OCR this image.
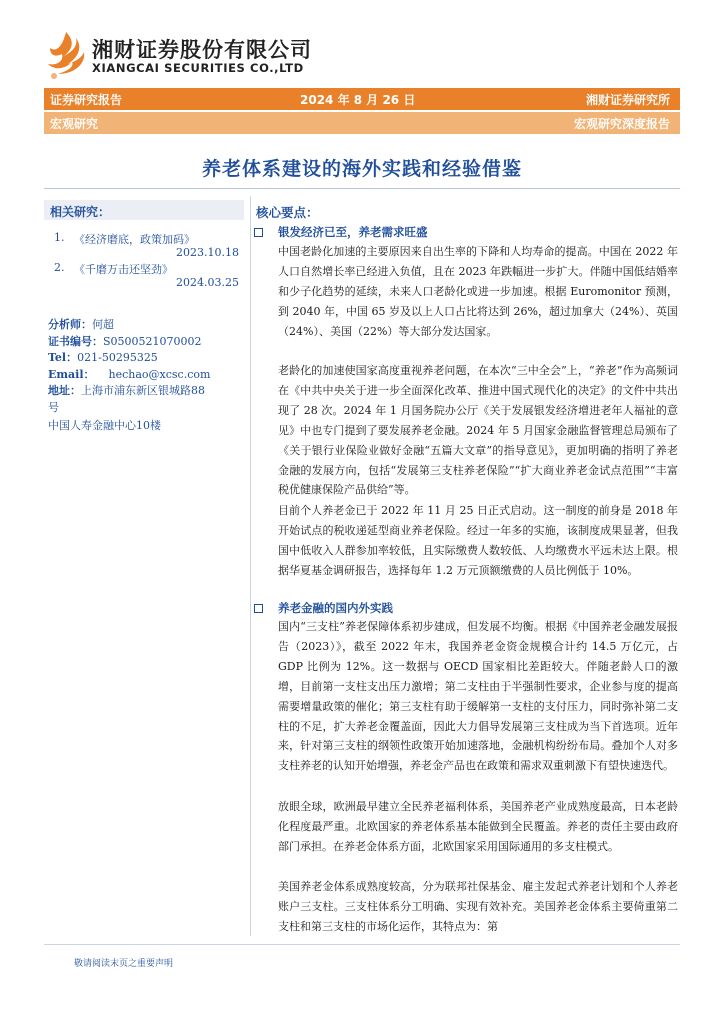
湘财证券股份有限公司
XIANGCAI SECURITIES CO.,LTD
证券研究报告	2024 年 8 月 26 日	湘财证券研究所
宏观研究	宏观研究深度报告
养老体系建设的海外实践和经验借鉴
相关研究：
1. 《经济磨底，政策加码》
2023.10.18
2. 《千磨万击还坚劲》
2024.03.25
分析师：何超
证书编号：S0500521070002
Tel：021-50295325
Email： hechao@xcsc.com
地址：上海市浦东新区银城路88
号
中国人寿金融中心10楼
核心要点：
银发经济已至，养老需求旺盛
中国老龄化加速的主要原因来自出生率的下降和人均寿命的提高。中国在 2022 年人口自然增长率已经进入负值，且在 2023 年跌幅进一步扩大。伴随中国低结婚率和少子化趋势的延续，未来人口老龄化或进一步加速。根据 Euromonitor 预测，到 2040 年，中国 65 岁及以上人口占比将达到 26%，超过加拿大（24%）、英国（24%）、美国（22%）等大部分发达国家。
老龄化的加速使国家高度重视养老问题，在本次“三中全会”上，“养老”作为高频词在《中共中央关于进一步全面深化改革、推进中国式现代化的决定》的文件中共出现了 28 次。2024 年 1 月国务院办公厅《关于发展银发经济增进老年人福祉的意见》中也专门提到了要发展养老金融。2024 年 5 月国家金融监督管理总局颁布了《关于银行业保险业做好金融“五篇大文章”的指导意见》，更加明确的指明了养老金融的发展方向，包括“发展第三支柱养老保险”“扩大商业养老金试点范围”“丰富税优健康保险产品供给”等。
目前个人养老金已于 2022 年 11 月 25 日正式启动。这一制度的前身是 2018 年开始试点的税收递延型商业养老保险。经过一年多的实施，该制度成果显著，但我国中低收入人群参加率较低，且实际缴费人数较低、人均缴费水平远未达上限。根据华夏基金调研报告，选择每年 1.2 万元顶额缴费的人员比例低于 10%。
养老金融的国内外实践
国内“三支柱”养老保障体系初步建成，但发展不均衡。根据《中国养老金融发展报告（2023）》，截至 2022 年末，我国养老金资金规模合计约 14.5 万亿元，占 GDP 比例为 12%。这一数据与 OECD 国家相比差距较大。伴随老龄人口的激增，目前第一支柱支出压力激增；第二支柱由于半强制性要求，企业参与度的提高需要增量政策的催化；第三支柱有助于缓解第一支柱的支付压力，同时弥补第二支柱的不足，扩大养老金覆盖面，因此大力倡导发展第三支柱成为当下首选项。近年来，针对第三支柱的纲领性政策开始加速落地，金融机构纷纷布局。叠加个人对多支柱养老的认知开始增强，养老金产品也在政策和需求双重刺激下有望快速迭代。
放眼全球，欧洲最早建立全民养老福利体系，美国养老产业成熟度最高，日本老龄化程度最严重。北欧国家的养老体系基本能做到全民覆盖。养老的责任主要由政府部门承担。在养老金体系方面，北欧国家采用国际通用的多支柱模式。
美国养老金体系成熟度较高，分为联邦社保基金、雇主发起式养老计划和个人养老账户三支柱。三支柱体系分工明确、实现有效补充。美国养老金体系主要倚重第二支柱和第三支柱的市场化运作，其特点为：第
敬请阅读末页之重要声明
